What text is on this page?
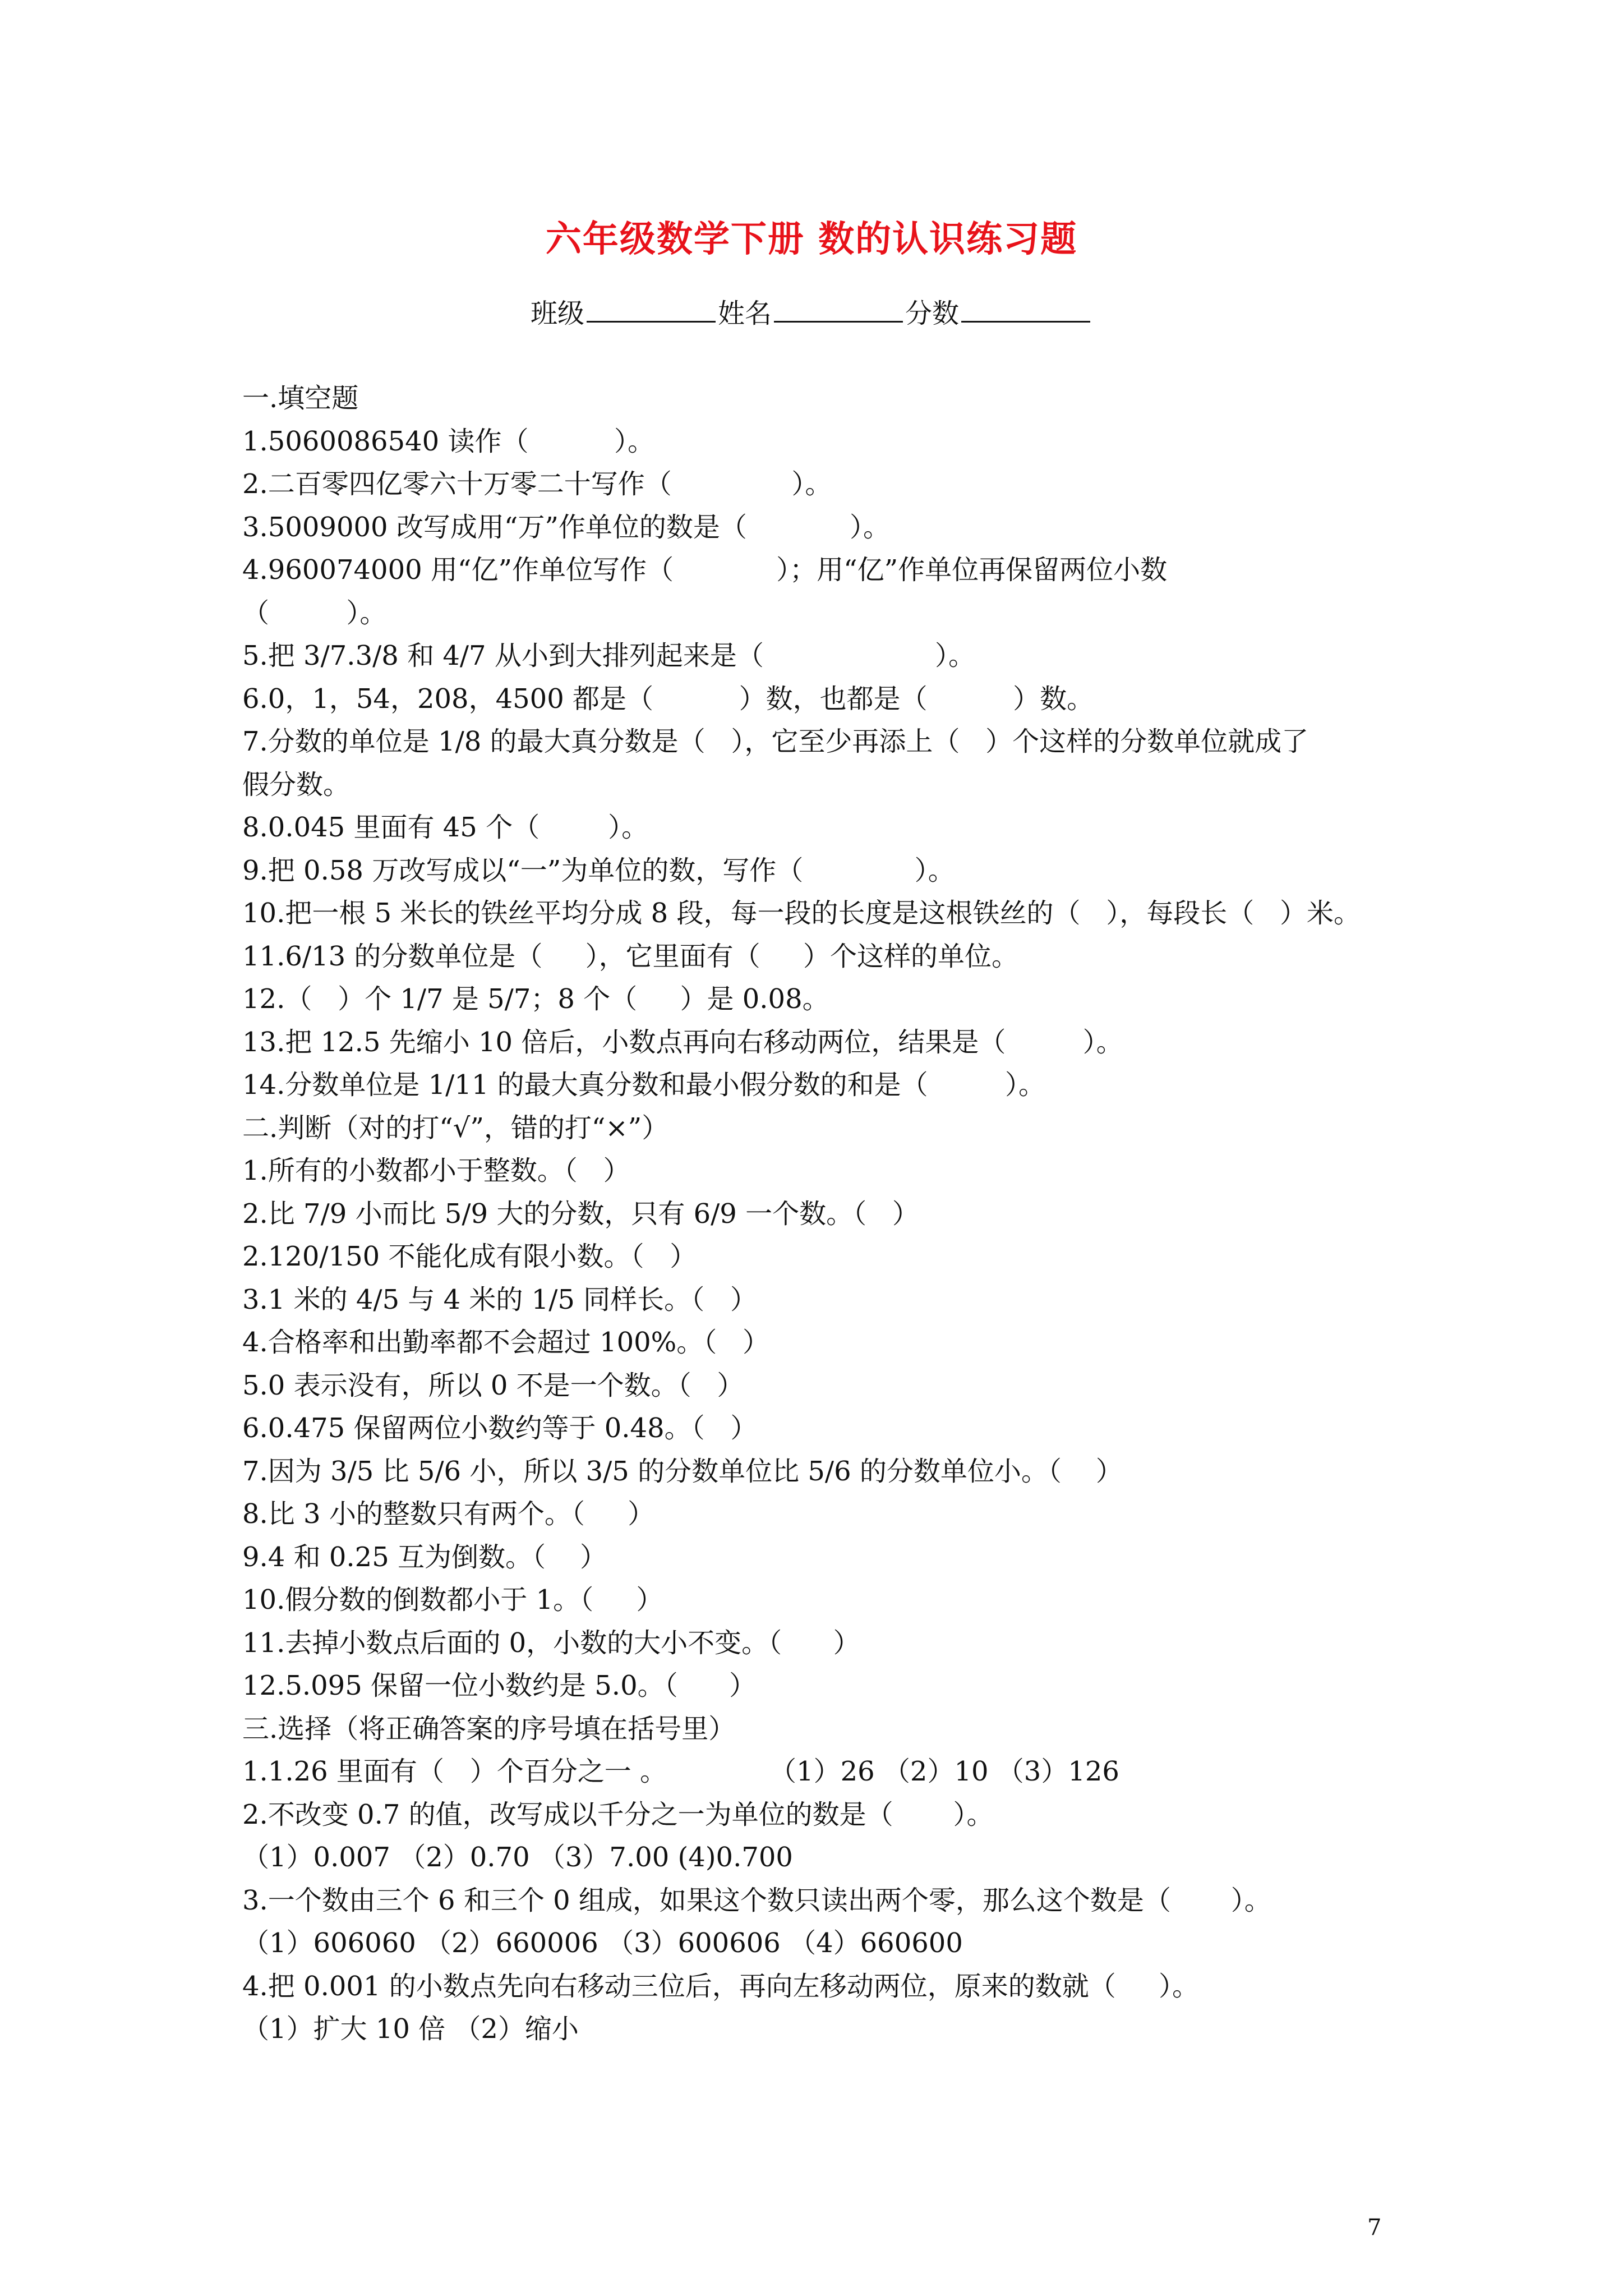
六年级数学下册 数的认识练习题
班级	姓名	分数
一.填空题
1.5060086540 读作（          ）。
2.二百零四亿零六十万零二十写作（              ）。
3.5009000 改写成用“万”作单位的数是（            ）。
4.960074000 用“亿”作单位写作（            ）；用“亿”作单位再保留两位小数
（         ）。
5.把 3/7.3/8 和 4/7 从小到大排列起来是（                    ）。
6.0，1，54，208，4500 都是（          ）数，也都是（          ）数。
7.分数的单位是 1/8 的最大真分数是（   ），它至少再添上（   ）个这样的分数单位就成了
假分数。
8.0.045 里面有 45 个（        ）。
9.把 0.58 万改写成以“一”为单位的数，写作（             ）。
10.把一根 5 米长的铁丝平均分成 8 段，每一段的长度是这根铁丝的（   ），每段长（   ）米。
11.6/13 的分数单位是（     ），它里面有（     ）个这样的单位。
12.（   ）个 1/7 是 5/7；8 个（     ）是 0.08。
13.把 12.5 先缩小 10 倍后，小数点再向右移动两位，结果是（         ）。
14.分数单位是 1/11 的最大真分数和最小假分数的和是（         ）。
二.判断（对的打“√”，错的打“×”）
1.所有的小数都小于整数。（   ）
2.比 7/9 小而比 5/9 大的分数，只有 6/9 一个数。（   ）
2.120/150 不能化成有限小数。（   ）
3.1 米的 4/5 与 4 米的 1/5 同样长。（   ）
4.合格率和出勤率都不会超过 100%。（   ）
5.0 表示没有，所以 0 不是一个数。（   ）
6.0.475 保留两位小数约等于 0.48。（   ）
7.因为 3/5 比 5/6 小，所以 3/5 的分数单位比 5/6 的分数单位小。（    ）
8.比 3 小的整数只有两个。（     ）
9.4 和 0.25 互为倒数。（    ）
10.假分数的倒数都小于 1。（     ）
11.去掉小数点后面的 0，小数的大小不变。（      ）
12.5.095 保留一位小数约是 5.0。（      ）
三.选择（将正确答案的序号填在括号里）
1.1.26 里面有（   ）个百分之一 。            （1）26 （2）10 （3）126
2.不改变 0.7 的值，改写成以千分之一为单位的数是（       ）。
（1）0.007 （2）0.70 （3）7.00 (4)0.700
3.一个数由三个 6 和三个 0 组成，如果这个数只读出两个零，那么这个数是（       ）。
（1）606060 （2）660006 （3）600606 （4）660600
4.把 0.001 的小数点先向右移动三位后，再向左移动两位，原来的数就（     ）。
（1）扩大 10 倍 （2）缩小
7
